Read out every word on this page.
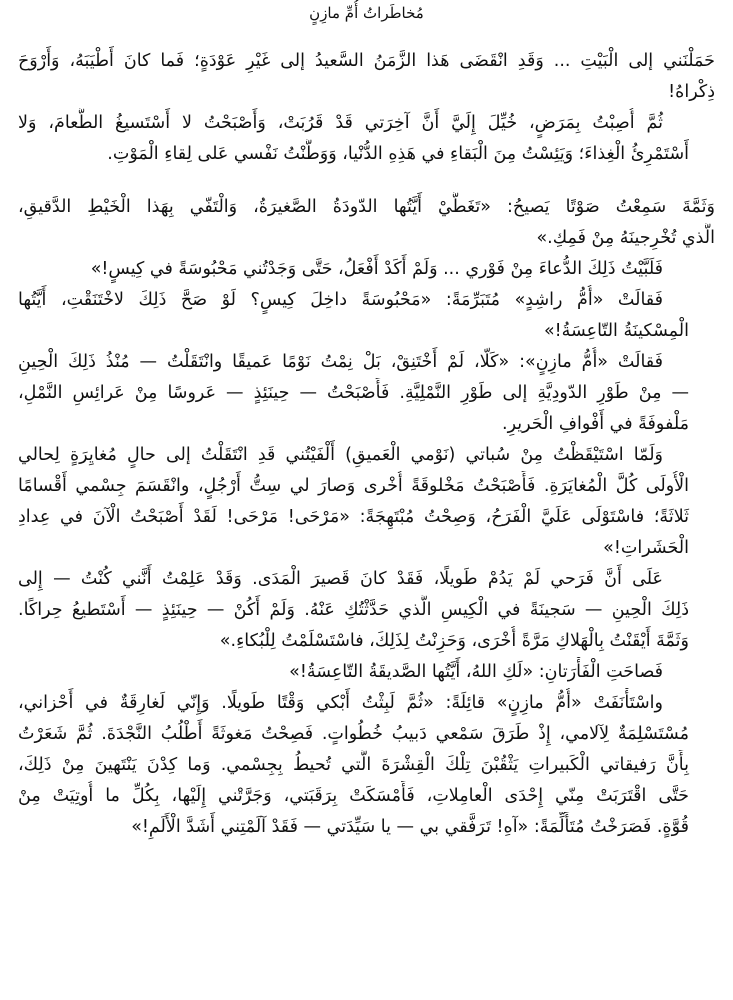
مُخاطَراتُ أُمِّ مازِنٍ
حَمَلْنَني إلى الْبَيْتِ ... وَقَدِ انْقَضَى هَذا الزَّمَنُ السَّعيدُ إلى غَيْرِ عَوْدَةٍ؛ فَما كانَ أَطْيَبَهُ، وَأَرْوَحَ
ذِكْراهُ!
ثُمَّ أُصِبْتُ بِمَرَضٍ، خُيِّلَ إِلَيَّ أَنَّ آخِرَتي قَدْ قَرُبَتْ، وَأَصْبَحْتُ لا أَسْتَسيغُ الطَّعامَ، وَلا
أَسْتَمْرِئُ الْغِذاءَ؛ وَيَئِسْتُ مِنَ الْبَقاءِ في هَذِهِ الدُّنْيا، وَوَطَّنْتُ نَفْسي عَلى لِقاءِ الْمَوْتِ.
وَثَمَّةَ سَمِعْتُ صَوْتًا يَصيحُ: «تَغَطَّيْ أَيَّتُها الدّودَةُ الصَّغيرَةُ، وَالْتَفّي بِهَذا الْخَيْطِ الدَّقيقِ،
الَّذي تُخْرِجينَهُ مِنْ فَمِكِ.»
فَلَبَّيْتُ ذَلِكَ الدُّعاءَ مِنْ فَوْري ... وَلَمْ أَكَدْ أَفْعَلُ، حَتَّى وَجَدْتُني مَحْبُوسَةً في كِيسٍ!»
فَقالَتْ «أُمُّ راشِدٍ» مُتَبَرِّمَةً: «مَحْبُوسَةً داخِلَ كِيسٍ؟ لَوْ صَحَّ ذَلِكَ لاخْتَنَقْتِ، أَيَّتُها
الْمِسْكينَةُ التّاعِسَةُ!»
فَقالَتْ «أُمُّ مازِنٍ»: «كَلّا، لَمْ أَخْتَنِقْ، بَلْ نِمْتُ نَوْمًا عَميقًا وانْتَقَلْتُ — مُنْذُ ذَلِكَ الْحِينِ
— مِنْ طَوْرِ الدّودِيَّةِ إلى طَوْرِ النَّمْلِيَّةِ. فَأَصْبَحْتُ — حِينَئِذٍ — عَروسًا مِنْ عَرائِسِ النَّمْلِ،
مَلْفوفَةً في أَفْوافِ الْحَريرِ.
وَلَمّا اسْتَيْقَظْتُ مِنْ سُباتي (نَوْمي الْعَميقِ) أَلْفَيْتُني قَدِ انْتَقَلْتُ إلى حالٍ مُغايِرَةٍ لِحالي
الْأُولَى كُلَّ الْمُغايَرَةِ. فَأَصْبَحْتُ مَخْلوقَةً أُخْرى وَصارَ لي سِتُّ أَرْجُلٍ، وانْقَسَمَ جِسْمي أَقْسامًا
ثَلاثَةً؛ فاسْتَوْلَى عَلَيَّ الْفَرَحُ، وَصِحْتُ مُبْتَهِجَةً: «مَرْحَى! مَرْحَى! لَقَدْ أَصْبَحْتُ الْآنَ في عِدادِ
الْحَشَراتِ!»
عَلَى أَنَّ فَرَحي لَمْ يَدُمْ طَويلًا، فَقَدْ كانَ قَصيرَ الْمَدَى. وَقَدْ عَلِمْتُ أَنَّني كُنْتُ — إِلى
ذَلِكَ الْحِينِ — سَجينَةً في الْكِيسِ الَّذي حَدَّثْتُكِ عَنْهُ. وَلَمْ أَكُنْ — حِينَئِذٍ — أَسْتَطيعُ حِراكًا.
وَثَمَّةَ أَيْقَنْتُ بِالْهَلاكِ مَرَّةً أُخْرَى، وَحَزِنْتُ لِذَلِكَ، فاسْتَسْلَمْتُ لِلْبُكاءِ.»
فَصاحَتِ الْفَأْرَتانِ: «لَكِ اللهُ، أَيَّتُها الصَّديقَةُ التّاعِسَةُ!»
واسْتَأْنَفَتْ «أُمُّ مازِنٍ» قائِلَةً: «ثُمَّ لَبِثْتُ أَبْكي وَقْتًا طَويلًا. وَإِنّي لَغارِقَةٌ في أَحْزاني،
مُسْتَسْلِمَةٌ لِآلامي، إِذْ طَرَقَ سَمْعي دَبيبُ خُطُواتٍ. فَصِحْتُ مَغوثَةً أَطْلُبُ النَّجْدَةَ. ثُمَّ شَعَرْتُ
بِأَنَّ رَفيقاتي الْكَبيراتِ يَثْقُبْنَ تِلْكَ الْقِشْرَةَ الَّتي تُحيطُ بِجِسْمي. وَما كِدْنَ يَنْتَهينَ مِنْ ذَلِكَ،
حَتَّى اقْتَرَبَتْ مِنّي إِحْدَى الْعامِلاتِ، فَأَمْسَكَتْ بِرَقَبَتي، وَجَرَّتْني إِلَيْها، بِكُلِّ ما أُوتِيَتْ مِنْ
قُوَّةٍ. فَصَرَخْتُ مُتَأَلِّمَةً: «آهِ! تَرَفَّقي بي — يا سَيِّدَتي — فَقَدْ آلَمْتِني أَشَدَّ الْأَلَمِ!»
